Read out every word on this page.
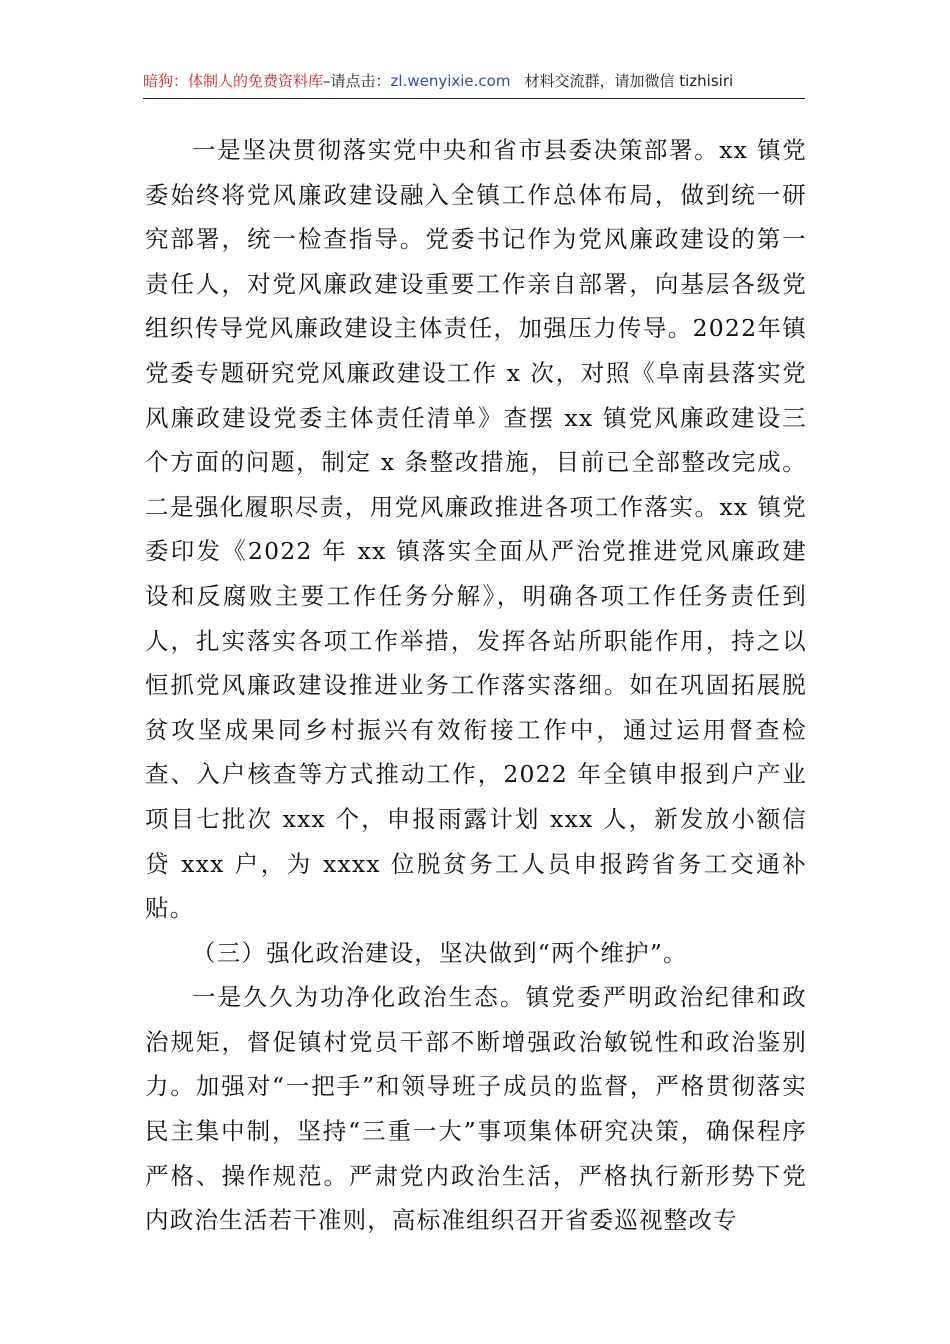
暗狗：体制人的免费资料库–请点击：zl.wenyixie.com 材料交流群，请加微信 tizhisiri

一是坚决贯彻落实党中央和省市县委决策部署。xx 镇党委始终将党风廉政建设融入全镇工作总体布局，做到统一研究部署，统一检查指导。党委书记作为党风廉政建设的第一责任人，对党风廉政建设重要工作亲自部署，向基层各级党组织传导党风廉政建设主体责任，加强压力传导。2022年镇党委专题研究党风廉政建设工作 x 次，对照《阜南县落实党风廉政建设党委主体责任清单》查摆 xx 镇党风廉政建设三个方面的问题，制定 x 条整改措施，目前已全部整改完成。二是强化履职尽责，用党风廉政推进各项工作落实。xx 镇党委印发《2022 年 xx 镇落实全面从严治党推进党风廉政建设和反腐败主要工作任务分解》，明确各项工作任务责任到人，扎实落实各项工作举措，发挥各站所职能作用，持之以恒抓党风廉政建设推进业务工作落实落细。如在巩固拓展脱贫攻坚成果同乡村振兴有效衔接工作中，通过运用督查检查、入户核查等方式推动工作，2022 年全镇申报到户产业项目七批次 xxx 个，申报雨露计划 xxx 人，新发放小额信贷 xxx 户，为 xxxx 位脱贫务工人员申报跨省务工交通补贴。

（三）强化政治建设，坚决做到“两个维护”。

一是久久为功净化政治生态。镇党委严明政治纪律和政治规矩，督促镇村党员干部不断增强政治敏锐性和政治鉴别力。加强对“一把手”和领导班子成员的监督，严格贯彻落实民主集中制，坚持“三重一大”事项集体研究决策，确保程序严格、操作规范。严肃党内政治生活，严格执行新形势下党内政治生活若干准则，高标准组织召开省委巡视整改专
